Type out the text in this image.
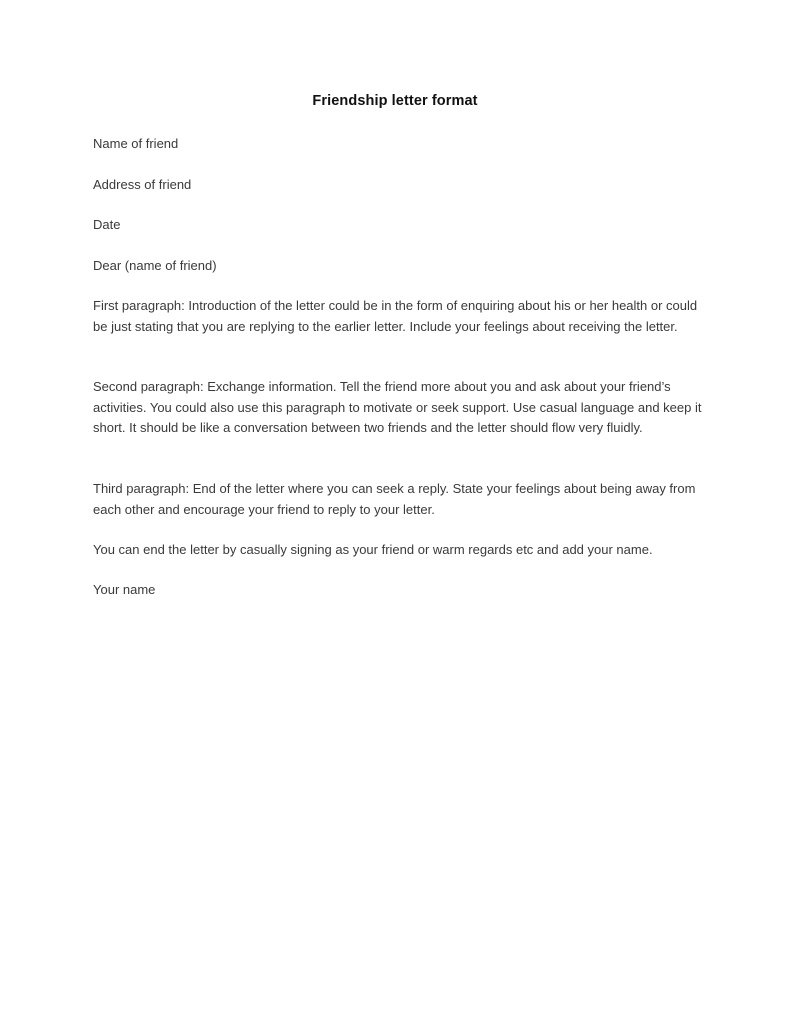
Friendship letter format

Name of friend

Address of friend

Date

Dear (name of friend)

First paragraph: Introduction of the letter could be in the form of enquiring about his or her health or could be just stating that you are replying to the earlier letter. Include your feelings about receiving the letter.

Second paragraph: Exchange information. Tell the friend more about you and ask about your friend’s activities. You could also use this paragraph to motivate or seek support. Use casual language and keep it short. It should be like a conversation between two friends and the letter should flow very fluidly.

Third paragraph: End of the letter where you can seek a reply. State your feelings about being away from each other and encourage your friend to reply to your letter.

You can end the letter by casually signing as your friend or warm regards etc and add your name.

Your name
